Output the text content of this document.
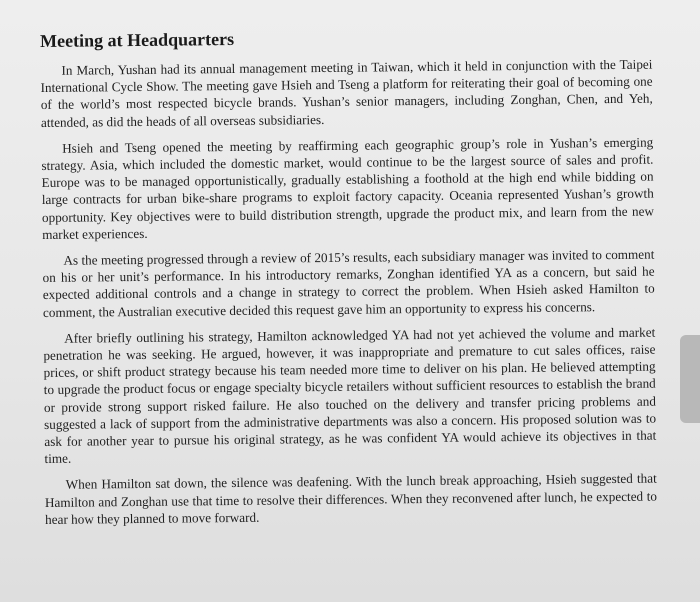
Meeting at Headquarters

In March, Yushan had its annual management meeting in Taiwan, which it held in conjunction with the Taipei International Cycle Show. The meeting gave Hsieh and Tseng a platform for reiterating their goal of becoming one of the world’s most respected bicycle brands. Yushan’s senior managers, including Zonghan, Chen, and Yeh, attended, as did the heads of all overseas subsidiaries.

Hsieh and Tseng opened the meeting by reaffirming each geographic group’s role in Yushan’s emerging strategy. Asia, which included the domestic market, would continue to be the largest source of sales and profit. Europe was to be managed opportunistically, gradually establishing a foothold at the high end while bidding on large contracts for urban bike-share programs to exploit factory capacity. Oceania represented Yushan’s growth opportunity. Key objectives were to build distribution strength, upgrade the product mix, and learn from the new market experiences.

As the meeting progressed through a review of 2015’s results, each subsidiary manager was invited to comment on his or her unit’s performance. In his introductory remarks, Zonghan identified YA as a concern, but said he expected additional controls and a change in strategy to correct the problem. When Hsieh asked Hamilton to comment, the Australian executive decided this request gave him an opportunity to express his concerns.

After briefly outlining his strategy, Hamilton acknowledged YA had not yet achieved the volume and market penetration he was seeking. He argued, however, it was inappropriate and premature to cut sales offices, raise prices, or shift product strategy because his team needed more time to deliver on his plan. He believed attempting to upgrade the product focus or engage specialty bicycle retailers without sufficient resources to establish the brand or provide strong support risked failure. He also touched on the delivery and transfer pricing problems and suggested a lack of support from the administrative departments was also a concern. His proposed solution was to ask for another year to pursue his original strategy, as he was confident YA would achieve its objectives in that time.

When Hamilton sat down, the silence was deafening. With the lunch break approaching, Hsieh suggested that Hamilton and Zonghan use that time to resolve their differences. When they reconvened after lunch, he expected to hear how they planned to move forward.
